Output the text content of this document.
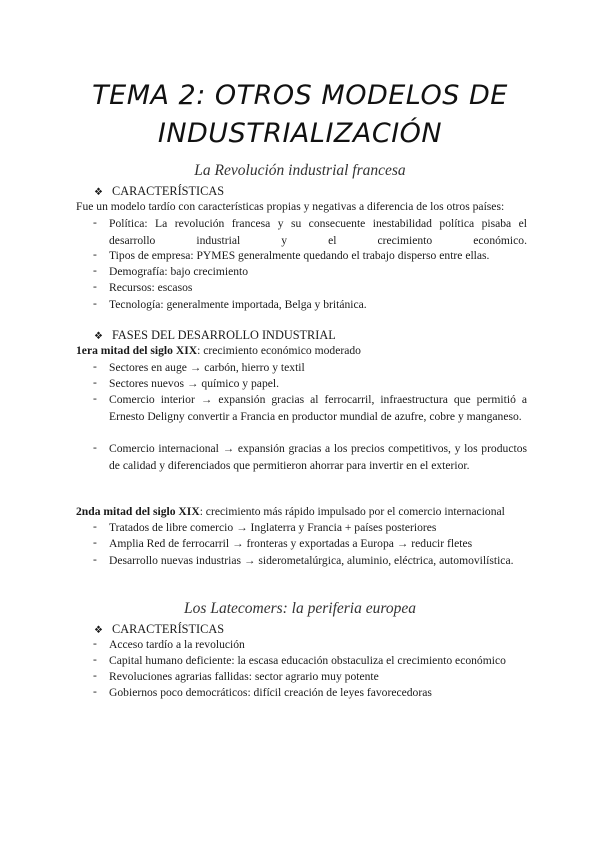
TEMA 2: OTROS MODELOS DE
INDUSTRIALIZACIÓN
La Revolución industrial francesa
❖ CARACTERÍSTICAS
Fue un modelo tardío con características propias y negativas a diferencia de los otros países:
- Política: La revolución francesa y su consecuente inestabilidad política pisaba el desarrollo industrial y el crecimiento económico.
- Tipos de empresa: PYMES generalmente quedando el trabajo disperso entre ellas.
- Demografía: bajo crecimiento
- Recursos: escasos
- Tecnología: generalmente importada, Belga y británica.
❖ FASES DEL DESARROLLO INDUSTRIAL
1era mitad del siglo XIX: crecimiento económico moderado
- Sectores en auge → carbón, hierro y textil
- Sectores nuevos → químico y papel.
- Comercio interior → expansión gracias al ferrocarril, infraestructura que permitió a Ernesto Deligny convertir a Francia en productor mundial de azufre, cobre y manganeso.
- Comercio internacional → expansión gracias a los precios competitivos, y los productos de calidad y diferenciados que permitieron ahorrar para invertir en el exterior.
2nda mitad del siglo XIX: crecimiento más rápido impulsado por el comercio internacional
- Tratados de libre comercio → Inglaterra y Francia + países posteriores
- Amplia Red de ferrocarril → fronteras y exportadas a Europa → reducir fletes
- Desarrollo nuevas industrias → siderometalúrgica, aluminio, eléctrica, automovilística.
Los Latecomers: la periferia europea
❖ CARACTERÍSTICAS
- Acceso tardío a la revolución
- Capital humano deficiente: la escasa educación obstaculiza el crecimiento económico
- Revoluciones agrarias fallidas: sector agrario muy potente
- Gobiernos poco democráticos: difícil creación de leyes favorecedoras
